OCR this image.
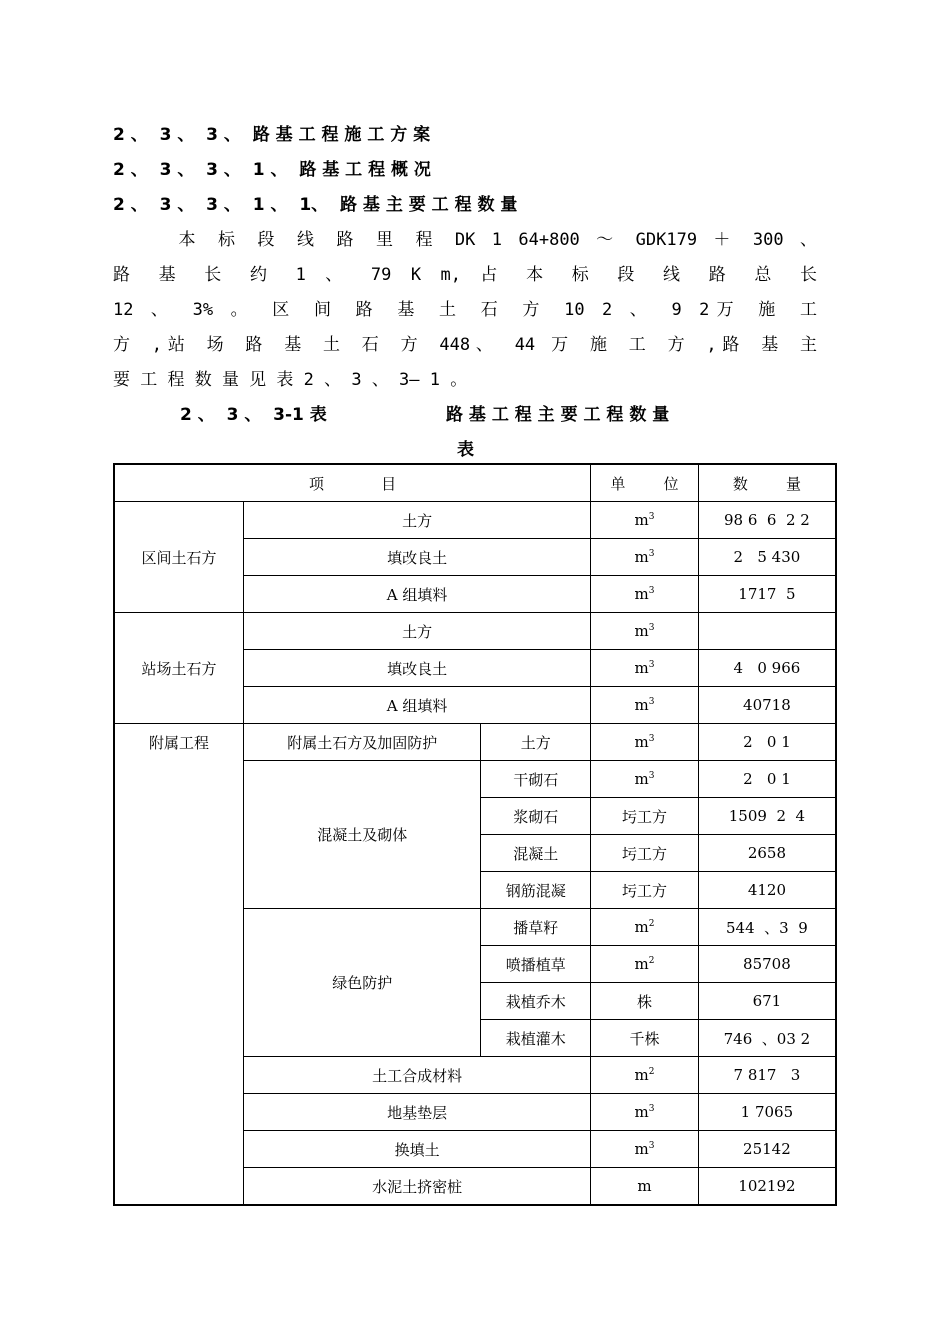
2 、  3 、  3 、  路 基 工 程 施 工 方 案
2 、  3 、  3 、  1 、  路 基 工 程 概 况
2 、  3 、  3 、  1 、  1、  路 基 主 要 工 程 数 量
本 标 段 线 路 里 程 DK 1 64+800 ～ GDK179 ＋ 300 、
路 基 长 约 1 、 79 K m, 占 本 标 段 线 路 总 长
12 、 3% 。 区 间 路 基 土 石 方 10 2 、 9 2万 施 工
方 ,站 场 路 基 土 石 方 448、 44 万 施 工 方 ,路 基 主
要 工 程 数 量 见 表 2 、 3 、 3— 1 。
2 、  3 、  3-1 表	路 基 工 程 主 要 工 程 数 量
表
项            目			单        位	数        量
区间土石方	土方		$m^3$	98 6  6  2 2
	填改良土		$m^3$	2   5 430
	A 组填料		$m^3$	1717  5
站场土石方	土方		$m^3$	
	填改良土		$m^3$	4   0 966
	A 组填料		$m^3$	40718
附属工程	附属土石方及加固防护	土方	$m^3$	2   0 1
	混凝土及砌体	干砌石	$m^3$	2   0 1
		浆砌石	圬工方	1509  2  4
		混凝土	圬工方	2658
		钢筋混凝	圬工方	4120
	绿色防护	播草籽	$m^2$	544  、3  9
		喷播植草	$m^2$	85708
		栽植乔木	株	671
		栽植灌木	千株	746  、03 2
	土工合成材料		$m^2$	7 817   3
	地基垫层		$m^3$	1 7065
	换填土		$m^3$	25142
	水泥土挤密桩		m	102192
